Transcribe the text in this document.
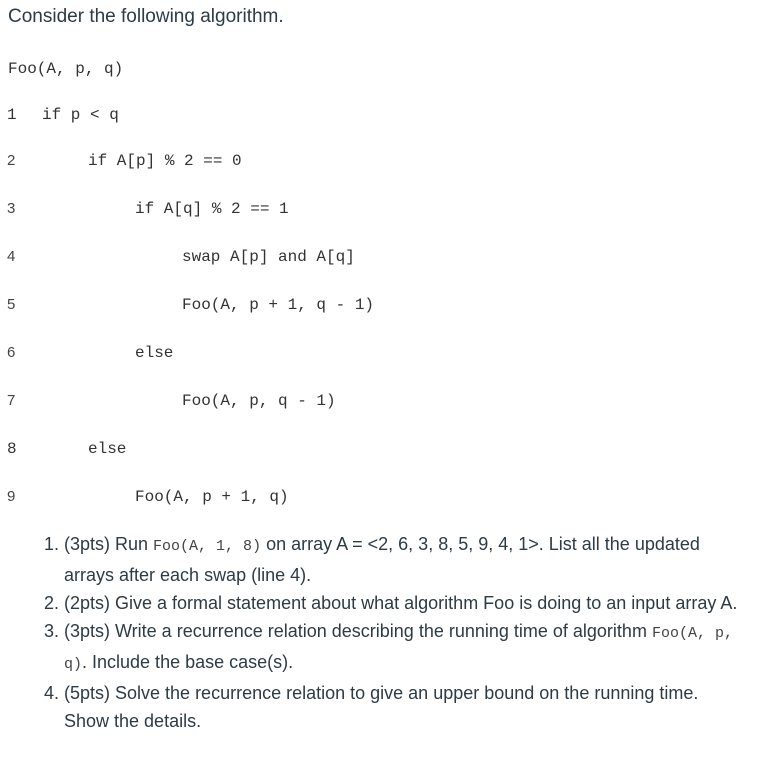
Consider the following algorithm.
Foo(A, p, q)
1 if p < q
2	if A[p] % 2 == 0
3	if A[q] % 2 == 1
4	swap A[p] and A[q]
5	Foo(A, p + 1, q - 1)
6	else
7	Foo(A, p, q - 1)
8	else
9	Foo(A, p + 1, q)
1. (3pts) Run Foo(A, 1, 8) on array A = <2, 6, 3, 8, 5, 9, 4, 1>. List all the updated arrays after each swap (line 4).
2. (2pts) Give a formal statement about what algorithm Foo is doing to an input array A.
3. (3pts) Write a recurrence relation describing the running time of algorithm Foo(A, p, q). Include the base case(s).
4. (5pts) Solve the recurrence relation to give an upper bound on the running time. Show the details.
